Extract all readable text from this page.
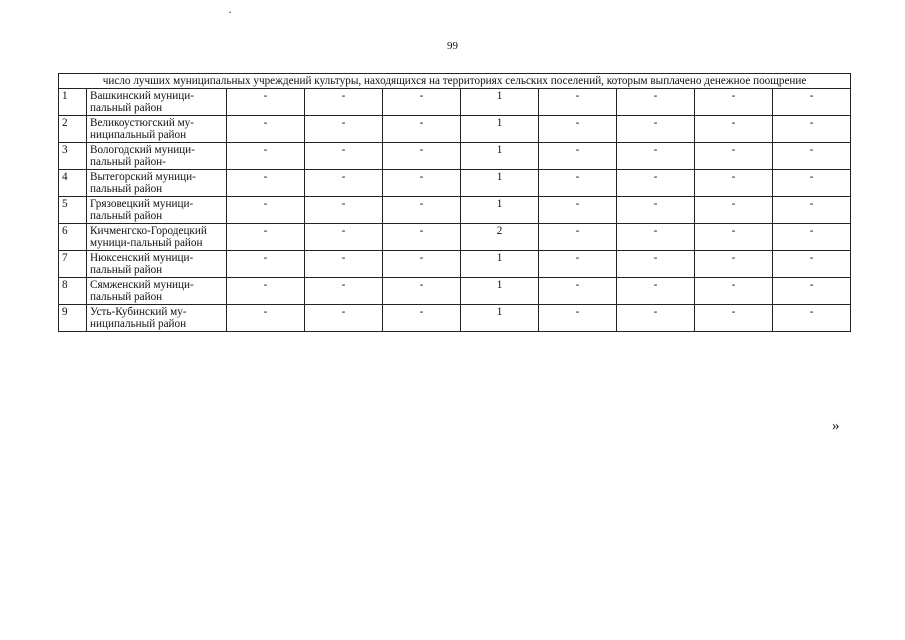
·
99
число лучших муниципальных учреждений культуры, находящихся на территориях сельских поселений, которым выплачено денежное поощрение									
1	Вашкинский муници-пальный район	-	-	-	1	-	-	-	-
2	Великоустюгский му-ниципальный район	-	-	-	1	-	-	-	-
3	Вологодский муници-пальный район-	-	-	-	1	-	-	-	-
4	Вытегорский муници-пальный район	-	-	-	1	-	-	-	-
5	Грязовецкий муници-пальный район	-	-	-	1	-	-	-	-
6	Кичменгско-Городецкий муници-пальный район	-	-	-	2	-	-	-	-
7	Нюксенский муници-пальный район	-	-	-	1	-	-	-	-
8	Сямженский муници-пальный район	-	-	-	1	-	-	-	-
9	Усть-Кубинский му-ниципальный район	-	-	-	1	-	-	-	-
»
